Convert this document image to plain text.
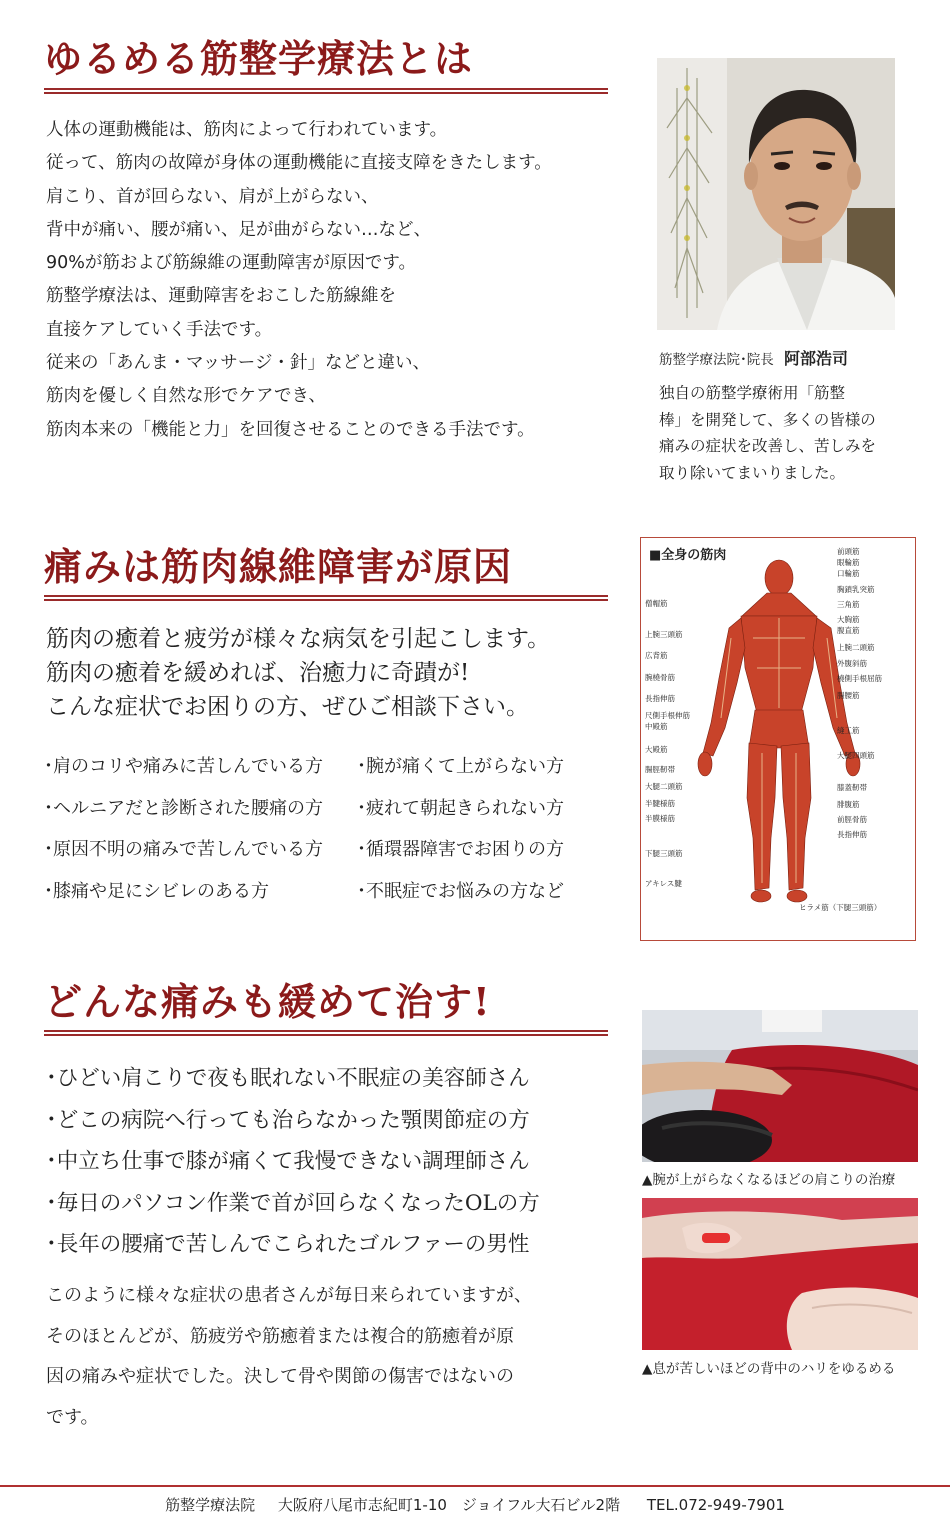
ゆるめる筋整学療法とは
人体の運動機能は、筋肉によって行われています。
従って、筋肉の故障が身体の運動機能に直接支障をきたします。
肩こり、首が回らない、肩が上がらない、
背中が痛い、腰が痛い、足が曲がらない…など、
90%が筋および筋線維の運動障害が原因です。
筋整学療法は、運動障害をおこした筋線維を
直接ケアしていく手法です。
従来の「あんま・マッサージ・針」などと違い、
筋肉を優しく自然な形でケアでき、
筋肉本来の「機能と力」を回復させることのできる手法です。
筋整学療法院･院長 阿部浩司
独自の筋整学療術用「筋整
棒」を開発して、多くの皆様の
痛みの症状を改善し、苦しみを
取り除いてまいりました。
痛みは筋肉線維障害が原因
筋肉の癒着と疲労が様々な病気を引起こします。
筋肉の癒着を緩めれば、治癒力に奇蹟が!
こんな症状でお困りの方、ぜひご相談下さい。
･肩のコリや痛みに苦しんでいる方	･腕が痛くて上がらない方
･ヘルニアだと診断された腰痛の方	･疲れて朝起きられない方
･原因不明の痛みで苦しんでいる方	･循環器障害でお困りの方
･膝痛や足にシビレのある方	･不眠症でお悩みの方など
■全身の筋肉
僧帽筋
上腕三頭筋
広背筋
腕橈骨筋
長指伸筋
尺側手根伸筋
中殿筋
大殿筋
腸脛靭帯
大腿二頭筋
半腱様筋
半膜様筋
下腿三頭筋
アキレス腱
前頭筋
眼輪筋
口輪筋
胸鎖乳突筋
三角筋
大胸筋
腹直筋
上腕二頭筋
外腹斜筋
橈側手根屈筋
腸腰筋
縫工筋
大腿四頭筋
膝蓋靭帯
腓腹筋
前脛骨筋
長指伸筋
ヒラメ筋（下腿三頭筋）
どんな痛みも緩めて治す!
･ひどい肩こりで夜も眠れない不眠症の美容師さん
･どこの病院へ行っても治らなかった顎関節症の方
･中立ち仕事で膝が痛くて我慢できない調理師さん
･毎日のパソコン作業で首が回らなくなったOLの方
･長年の腰痛で苦しんでこられたゴルファーの男性
このように様々な症状の患者さんが毎日来られていますが、
そのほとんどが、筋疲労や筋癒着または複合的筋癒着が原
因の痛みや症状でした。決して骨や関節の傷害ではないの
です。
▲腕が上がらなくなるほどの肩こりの治療
▲息が苦しいほどの背中のハリをゆるめる
筋整学療法院 大阪府八尾市志紀町1-10　ジョイフル大石ビル2階 TEL.072-949-7901
